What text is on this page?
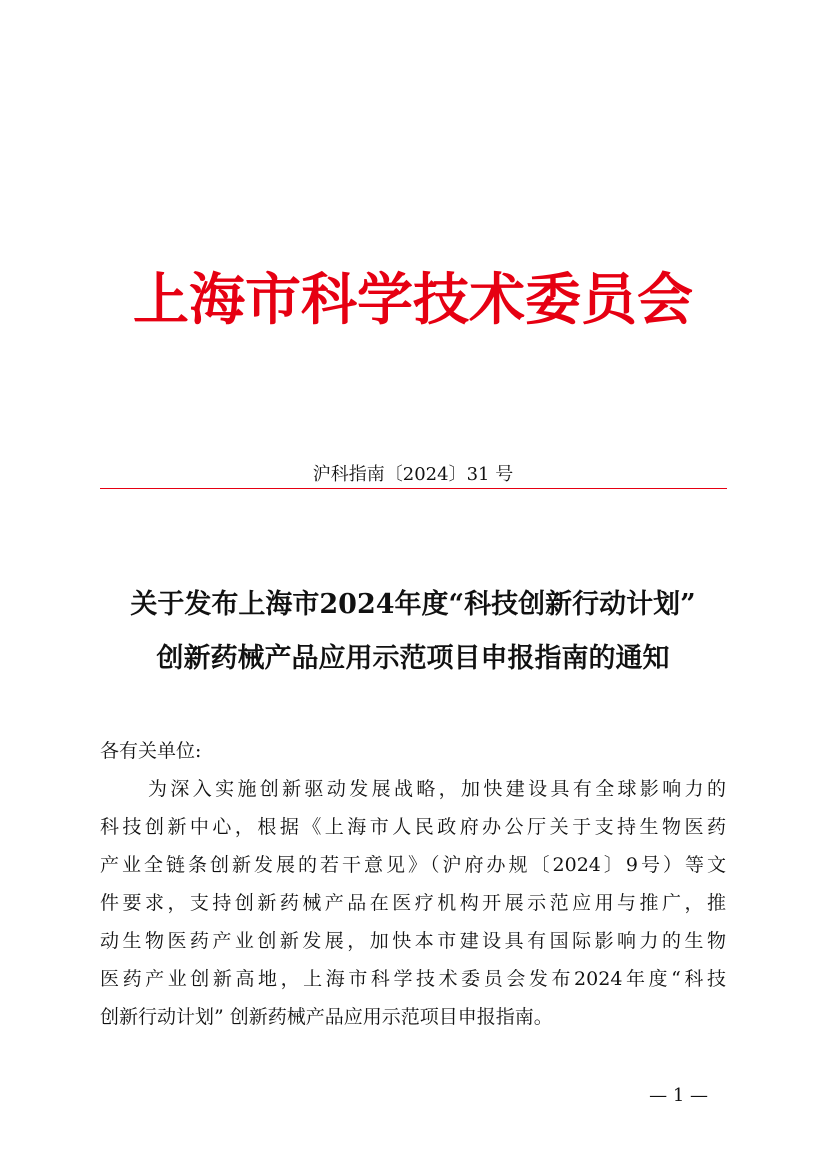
上海市科学技术委员会
沪科指南〔2024〕31 号
关于发布上海市2024年度“科技创新行动计划”
创新药械产品应用示范项目申报指南的通知
各有关单位:
为深入实施创新驱动发展战略，加快建设具有全球影响力的
科技创新中心，根据《上海市人民政府办公厅关于支持生物医药
产业全链条创新发展的若干意见》（沪府办规〔2024〕9号）等文
件要求，支持创新药械产品在医疗机构开展示范应用与推广，推
动生物医药产业创新发展，加快本市建设具有国际影响力的生物
医药产业创新高地，上海市科学技术委员会发布2024年度“科技
创新行动计划” 创新药械产品应用示范项目申报指南。
— 1 —
